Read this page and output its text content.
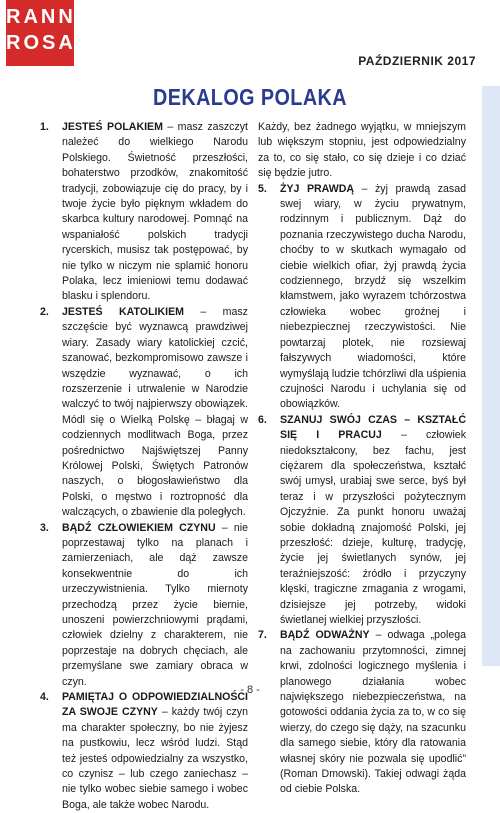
RANNA
ROSA
PAŹDZIERNIK 2017
DEKALOG POLAKA
1. JESTEŚ POLAKIEM – masz zaszczyt należeć do wielkiego Narodu Polskiego. Świetność przeszłości, bohaterstwo przodków, znakomitość tradycji, zobowiązuje cię do pracy, by i twoje życie było pięknym wkładem do skarbca kultury narodowej. Pomnąć na wspaniałość polskich tradycji rycerskich, musisz tak postępować, by nie tylko w niczym nie splamić honoru Polaka, lecz imieniowi temu dodawać blasku i splendoru.
2. JESTEŚ KATOLIKIEM – masz szczęście być wyznawcą prawdziwej wiary. Zasady wiary katolickiej czcić, szanować, bezkompromisowo zawsze i wszędzie wyznawać, o ich rozszerzenie i utrwalenie w Narodzie walczyć to twój najpierwszy obowiązek. Módl się o Wielką Polskę – błagaj w codziennych modlitwach Boga, przez pośrednictwo Najświętszej Panny Królowej Polski, Świętych Patronów naszych, o błogosławieństwo dla Polski, o męstwo i roztropność dla walczących, o zbawienie dla poległych.
3. BĄDŹ CZŁOWIEKIEM CZYNU – nie poprzestawaj tylko na planach i zamierzeniach, ale dąż zawsze konsekwentnie do ich urzeczywistnienia. Tylko miernoty przechodzą przez życie biernie, unoszeni powierzchniowymi prądami, człowiek dzielny z charakterem, nie poprzestaje na dobrych chęciach, ale przemyślane swe zamiary obraca w czyn.
4. PAMIĘTAJ O ODPOWIEDZIALNOŚCI ZA SWOJE CZYNY – każdy twój czyn ma charakter społeczny, bo nie żyjesz na pustkowiu, lecz wśród ludzi. Stąd też jesteś odpowiedzialny za wszystko, co czynisz – lub czego zaniechasz – nie tylko wobec siebie samego i wobec Boga, ale także wobec Narodu.
Każdy, bez żadnego wyjątku, w mniejszym lub większym stopniu, jest odpowiedzialny za to, co się stało, co się dzieje i co dziać się będzie jutro.
5. ŻYJ PRAWDĄ – żyj prawdą zasad swej wiary, w życiu prywatnym, rodzinnym i publicznym. Dąż do poznania rzeczywistego ducha Narodu, choćby to w skutkach wymagało od ciebie wielkich ofiar, żyj prawdą życia codziennego, brzydź się wszelkim kłamstwem, jako wyrazem tchórzostwa człowieka wobec groźnej i niebezpiecznej rzeczywistości. Nie powtarzaj plotek, nie rozsiewaj fałszywych wiadomości, które wymyślają ludzie tchórzliwi dla uśpienia czujności Narodu i uchylania się od obowiązków.
6. SZANUJ SWÓJ CZAS – KSZTAŁĆ SIĘ I PRACUJ – człowiek niedokształcony, bez fachu, jest ciężarem dla społeczeństwa, kształć swój umysł, urabiaj swe serce, byś był teraz i w przyszłości pożytecznym Ojczyźnie. Za punkt honoru uważaj sobie dokładną znajomość Polski, jej przeszłość: dzieje, kulturę, tradycję, życie jej świetlanych synów, jej teraźniejszość: źródło i przyczyny klęski, tragiczne zmagania z wrogami, dzisiejsze jej potrzeby, widoki świetlanej wielkiej przyszłości.
7. BĄDŹ ODWAŻNY – odwaga „polega na zachowaniu przytomności, zimnej krwi, zdolności logicznego myślenia i planowego działania wobec największego niebezpieczeństwa, na gotowości oddania życia za to, w co się wierzy, do czego się dąży, na szacunku dla samego siebie, który dla ratowania własnej skóry nie pozwala się upodlić” (Roman Dmowski). Takiej odwagi żąda od ciebie Polska.
- 8 -
